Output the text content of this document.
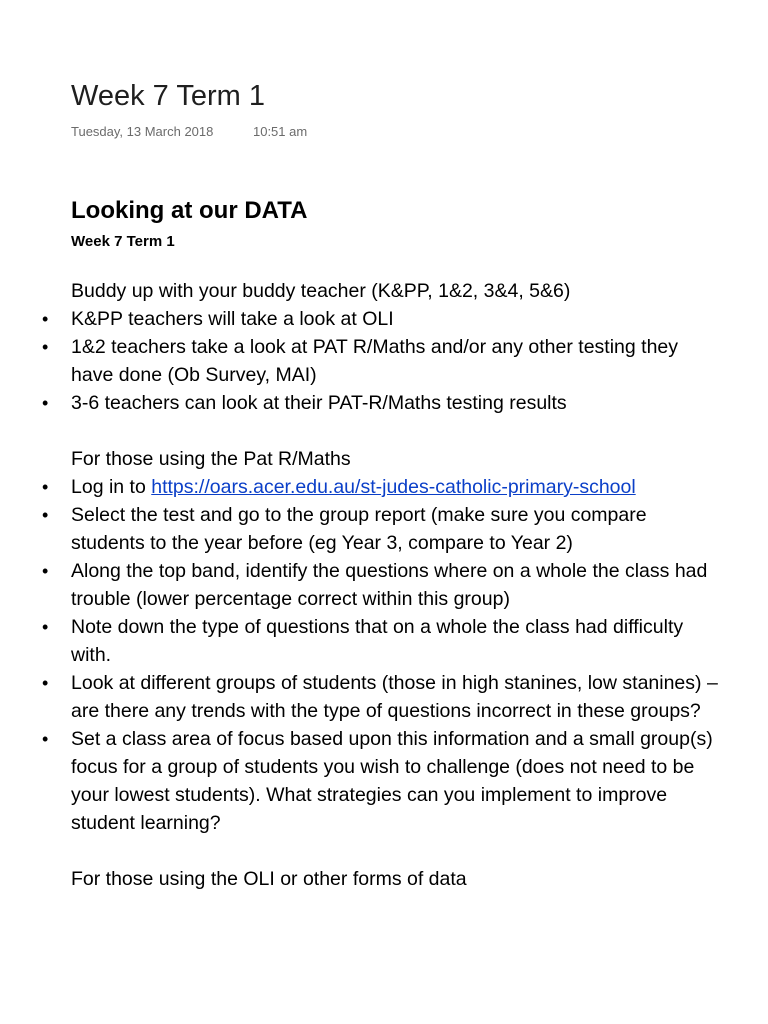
Week 7 Term 1
Tuesday, 13 March 2018	10:51 am
Looking at our DATA
Week 7 Term 1

Buddy up with your buddy teacher (K&PP, 1&2, 3&4, 5&6)

• K&PP teachers will take a look at OLI
• 1&2 teachers take a look at PAT R/Maths and/or any other testing they have done (Ob Survey, MAI)
• 3-6 teachers can look at their PAT-R/Maths testing results

For those using the Pat R/Maths

• Log in to https://oars.acer.edu.au/st-judes-catholic-primary-school
• Select the test and go to the group report (make sure you compare students to the year before (eg Year 3, compare to Year 2)
• Along the top band, identify the questions where on a whole the class had trouble (lower percentage correct within this group)
• Note down the type of questions that on a whole the class had difficulty with.
• Look at different groups of students (those in high stanines, low stanines) – are there any trends with the type of questions incorrect in these groups?
• Set a class area of focus based upon this information and a small group(s) focus for a group of students you wish to challenge (does not need to be your lowest students). What strategies can you implement to improve student learning?

For those using the OLI or other forms of data
